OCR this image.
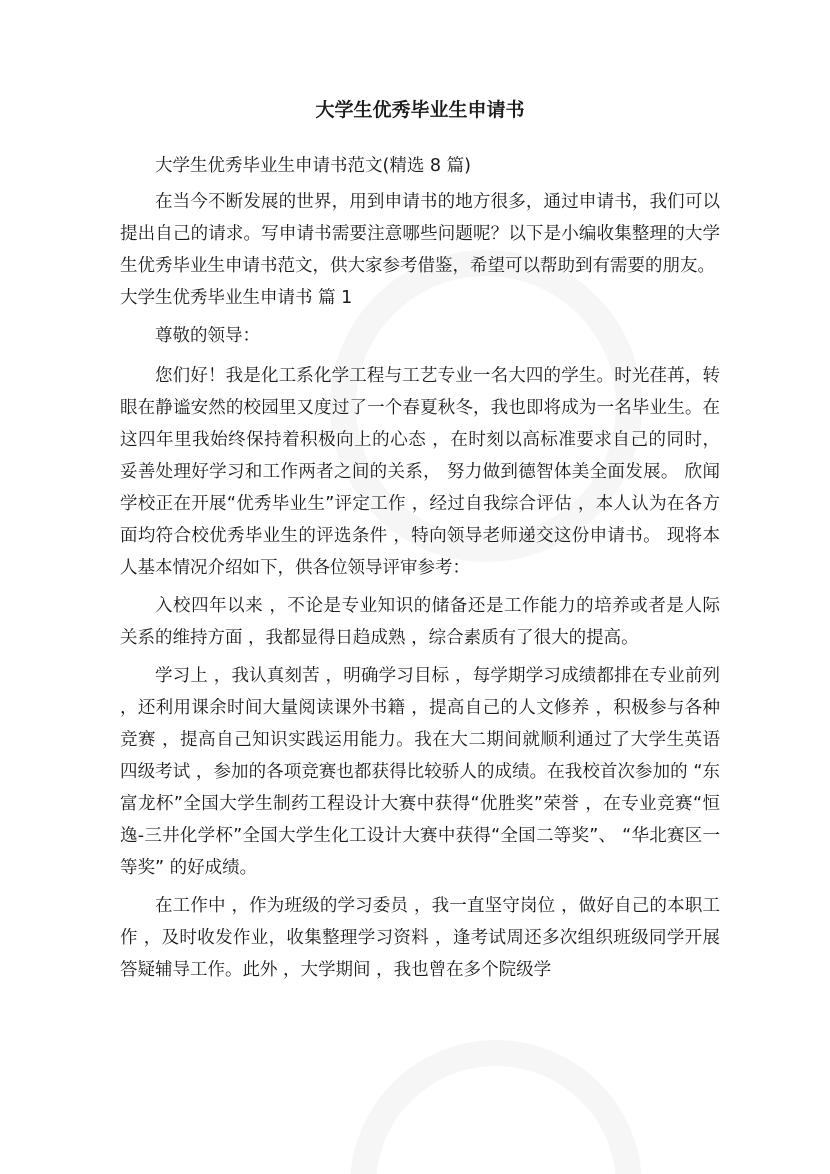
大学生优秀毕业生申请书

大学生优秀毕业生申请书范文(精选 8 篇)

在当今不断发展的世界，用到申请书的地方很多，通过申请书，我们可以提出自己的请求。写申请书需要注意哪些问题呢？以下是小编收集整理的大学生优秀毕业生申请书范文，供大家参考借鉴，希望可以帮助到有需要的朋友。

大学生优秀毕业生申请书 篇 1

尊敬的领导：

您们好！我是化工系化学工程与工艺专业一名大四的学生。时光荏苒，转眼在静谧安然的校园里又度过了一个春夏秋冬，我也即将成为一名毕业生。在这四年里我始终保持着积极向上的心态 ，在时刻以高标准要求自己的同时， 妥善处理好学习和工作两者之间的关系， 努力做到德智体美全面发展。 欣闻学校正在开展“优秀毕业生”评定工作 ，经过自我综合评估 ，本人认为在各方面均符合校优秀毕业生的评选条件 ，特向领导老师递交这份申请书。 现将本人基本情况介绍如下，供各位领导评审参考：

入校四年以来 ，不论是专业知识的储备还是工作能力的培养或者是人际关系的维持方面 ，我都显得日趋成熟 ，综合素质有了很大的提高。

学习上 ，我认真刻苦 ，明确学习目标 ，每学期学习成绩都排在专业前列 ，还利用课余时间大量阅读课外书籍 ，提高自己的人文修养 ，积极参与各种竞赛 ，提高自己知识实践运用能力。我在大二期间就顺利通过了大学生英语四级考试 ，参加的各项竞赛也都获得比较骄人的成绩。在我校首次参加的 “东富龙杯”全国大学生制药工程设计大赛中获得“优胜奖”荣誉 ，在专业竞赛“恒逸-三井化学杯”全国大学生化工设计大赛中获得“全国二等奖”、 “华北赛区一等奖” 的好成绩。

在工作中 ，作为班级的学习委员 ，我一直坚守岗位 ，做好自己的本职工作 ，及时收发作业，收集整理学习资料 ，逢考试周还多次组织班级同学开展答疑辅导工作。此外 ，大学期间 ，我也曾在多个院级学
